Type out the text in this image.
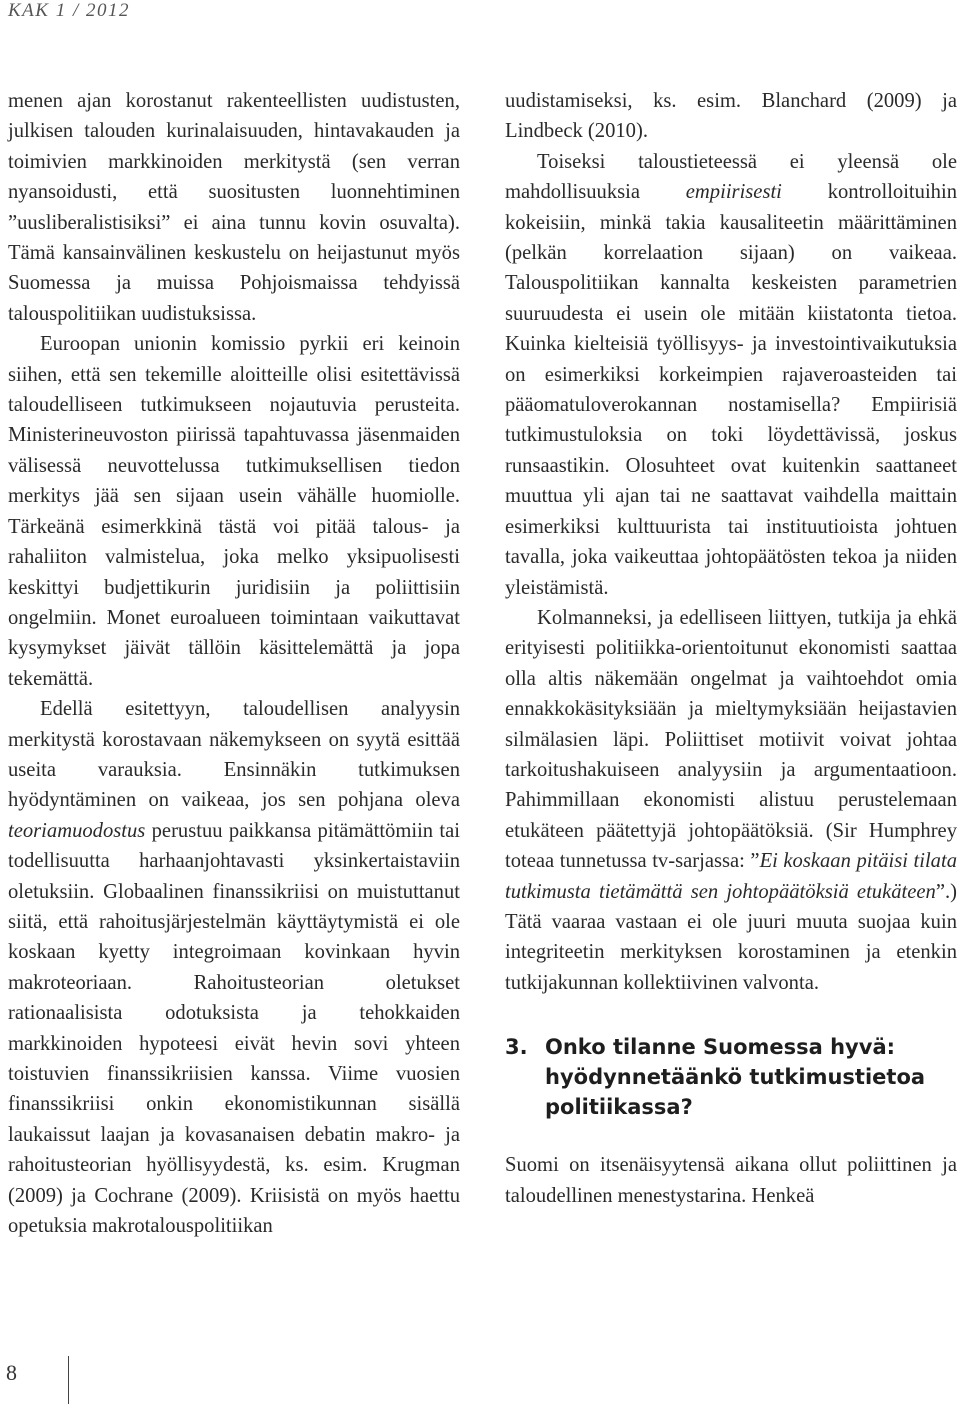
KAK 1 / 2012

menen ajan korostanut rakenteellisten uudistusten, julkisen talouden kurinalaisuuden, hintavakauden ja toimivien markkinoiden merkitystä (sen verran nyansoidusti, että suositusten luonnehtiminen ”uusliberalistisiksi” ei aina tunnu kovin osuvalta). Tämä kansainvälinen keskustelu on heijastunut myös Suomessa ja muissa Pohjoismaissa tehdyissä talouspolitiikan uudistuksissa.

Euroopan unionin komissio pyrkii eri keinoin siihen, että sen tekemille aloitteille olisi esitettävissä taloudelliseen tutkimukseen nojautuvia perusteita. Ministerineuvoston piirissä tapahtuvassa jäsenmaiden välisessä neuvottelussa tutkimuksellisen tiedon merkitys jää sen sijaan usein vähälle huomiolle. Tärkeänä esimerkkinä tästä voi pitää talous- ja rahaliiton valmistelua, joka melko yksipuolisesti keskittyi budjettikurin juridisiin ja poliittisiin ongelmiin. Monet euroalueen toimintaan vaikuttavat kysymykset jäivät tällöin käsittelemättä ja jopa tekemättä.

Edellä esitettyyn, taloudellisen analyysin merkitystä korostavaan näkemykseen on syytä esittää useita varauksia. Ensinnäkin tutkimuksen hyödyntäminen on vaikeaa, jos sen pohjana oleva teoriamuodostus perustuu paikkansa pitämättömiin tai todellisuutta harhaanjohtavasti yksinkertaistaviin oletuksiin. Globaalinen finanssikriisi on muistuttanut siitä, että rahoitusjärjestelmän käyttäytymistä ei ole koskaan kyetty integroimaan kovinkaan hyvin makroteoriaan. Rahoitusteorian oletukset rationaalisista odotuksista ja tehokkaiden markkinoiden hypoteesi eivät hevin sovi yhteen toistuvien finanssikriisien kanssa. Viime vuosien finanssikriisi onkin ekonomistikunnan sisällä laukaissut laajan ja kovasanaisen debatin makro- ja rahoitusteorian hyöllisyydestä, ks. esim. Krugman (2009) ja Cochrane (2009). Kriisistä on myös haettu opetuksia makrotalouspolitiikan

uudistamiseksi, ks. esim. Blanchard (2009) ja Lindbeck (2010).

Toiseksi taloustieteessä ei yleensä ole mahdollisuuksia empiirisesti kontrolloituihin kokeisiin, minkä takia kausaliteetin määrittäminen (pelkän korrelaation sijaan) on vaikeaa. Talouspolitiikan kannalta keskeisten parametrien suuruudesta ei usein ole mitään kiistatonta tietoa. Kuinka kielteisiä työllisyys- ja investointivaikutuksia on esimerkiksi korkeimpien rajaveroasteiden tai pääomatuloverokannan nostamisella? Empiirisiä tutkimustuloksia on toki löydettävissä, joskus runsaastikin. Olosuhteet ovat kuitenkin saattaneet muuttua yli ajan tai ne saattavat vaihdella maittain esimerkiksi kulttuurista tai instituutioista johtuen tavalla, joka vaikeuttaa johtopäätösten tekoa ja niiden yleistämistä.

Kolmanneksi, ja edelliseen liittyen, tutkija ja ehkä erityisesti politiikka-orientoitunut ekonomisti saattaa olla altis näkemään ongelmat ja vaihtoehdot omia ennakkokäsityksiään ja mieltymyksiään heijastavien silmälasien läpi. Poliittiset motiivit voivat johtaa tarkoitushakuiseen analyysiin ja argumentaatioon. Pahimmillaan ekonomisti alistuu perustelemaan etukäteen päätettyjä johtopäätöksiä. (Sir Humphrey toteaa tunnetussa tv-sarjassa: ”Ei koskaan pitäisi tilata tutkimusta tietämättä sen johtopäätöksiä etukäteen”.) Tätä vaaraa vastaan ei ole juuri muuta suojaa kuin integriteetin merkityksen korostaminen ja etenkin tutkijakunnan kollektiivinen valvonta.

3. Onko tilanne Suomessa hyvä: hyödynnetäänkö tutkimustietoa politiikassa?

Suomi on itsenäisyytensä aikana ollut poliittinen ja taloudellinen menestystarina. Henkeä

8
